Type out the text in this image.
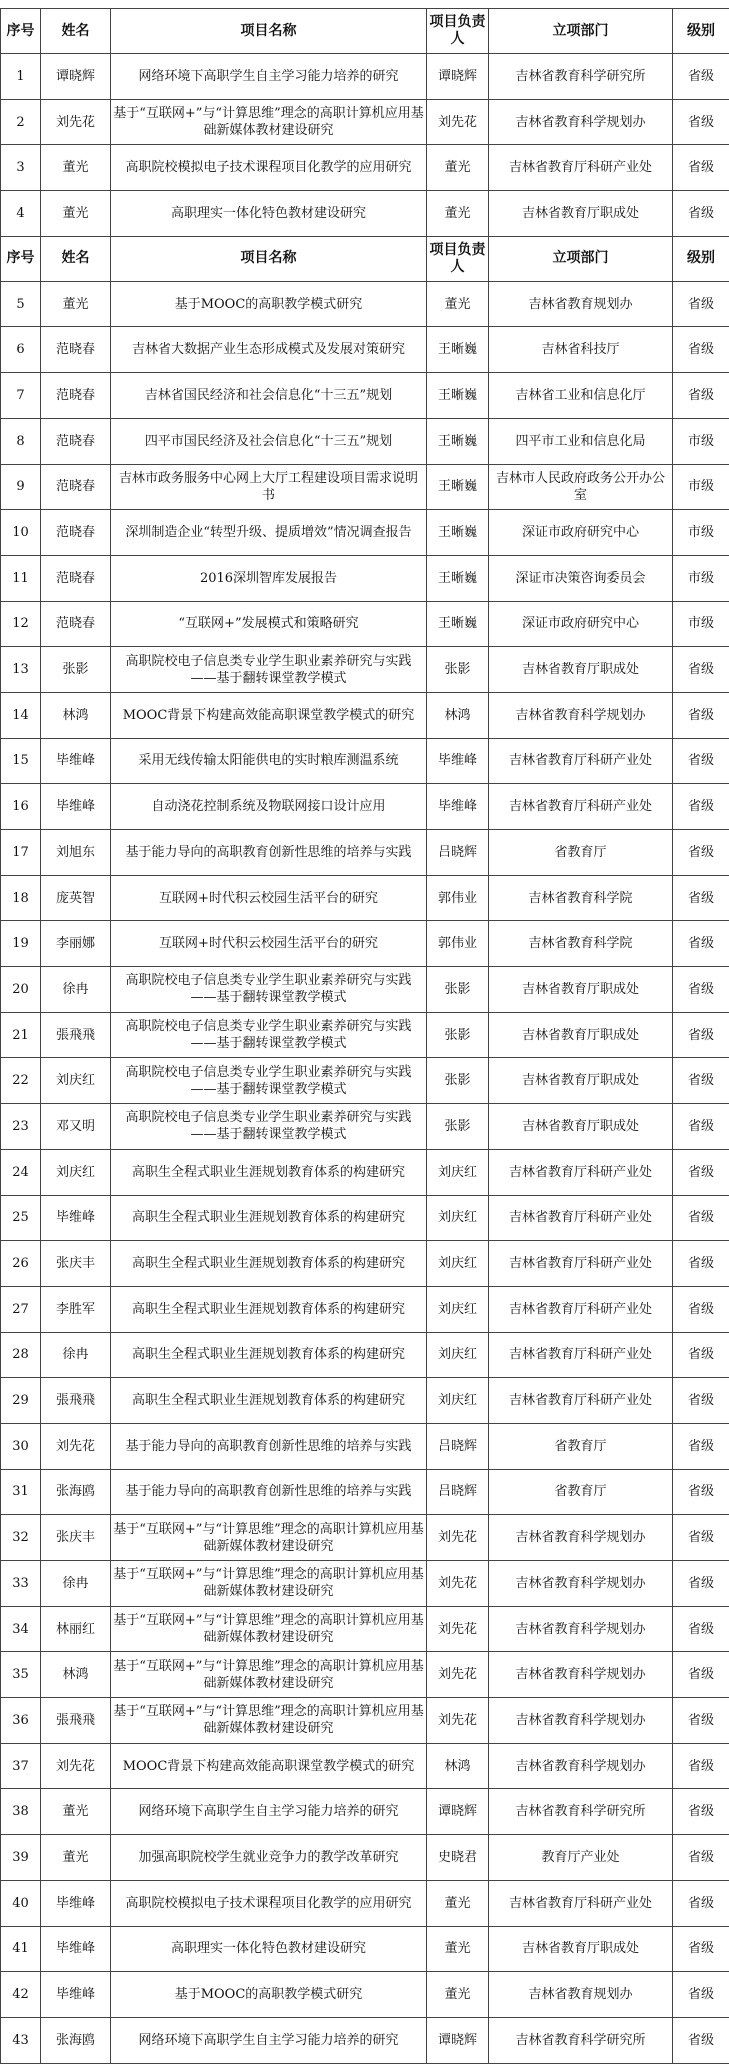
序号	姓名	项目名称	项目负责人	立项部门	级别
1	谭晓辉	网络环境下高职学生自主学习能力培养的研究	谭晓辉	吉林省教育科学研究所	省级
2	刘先花	基于“互联网+”与“计算思维”理念的高职计算机应用基础新媒体教材建设研究	刘先花	吉林省教育科学规划办	省级
3	董光	高职院校模拟电子技术课程项目化教学的应用研究	董光	吉林省教育厅科研产业处	省级
4	董光	高职理实一体化特色教材建设研究	董光	吉林省教育厅职成处	省级
序号	姓名	项目名称	项目负责人	立项部门	级别
5	董光	基于MOOC的高职教学模式研究	董光	吉林省教育规划办	省级
6	范晓春	吉林省大数据产业生态形成模式及发展对策研究	王晰巍	吉林省科技厅	省级
7	范晓春	吉林省国民经济和社会信息化“十三五”规划	王晰巍	吉林省工业和信息化厅	省级
8	范晓春	四平市国民经济及社会信息化“十三五”规划	王晰巍	四平市工业和信息化局	市级
9	范晓春	吉林市政务服务中心网上大厅工程建设项目需求说明书	王晰巍	吉林市人民政府政务公开办公室	市级
10	范晓春	深圳制造企业“转型升级、提质增效”情况调查报告	王晰巍	深证市政府研究中心	市级
11	范晓春	2016深圳智库发展报告	王晰巍	深证市决策咨询委员会	市级
12	范晓春	“互联网+”发展模式和策略研究	王晰巍	深证市政府研究中心	市级
13	张影	高职院校电子信息类专业学生职业素养研究与实践——基于翻转课堂教学模式	张影	吉林省教育厅职成处	省级
14	林鸿	MOOC背景下构建高效能高职课堂教学模式的研究	林鸿	吉林省教育科学规划办	省级
15	毕维峰	采用无线传输太阳能供电的实时粮库测温系统	毕维峰	吉林省教育厅科研产业处	省级
16	毕维峰	自动浇花控制系统及物联网接口设计应用	毕维峰	吉林省教育厅科研产业处	省级
17	刘旭东	基于能力导向的高职教育创新性思维的培养与实践	吕晓辉	省教育厅	省级
18	庞英智	互联网+时代积云校园生活平台的研究	郭伟业	吉林省教育科学院	省级
19	李丽娜	互联网+时代积云校园生活平台的研究	郭伟业	吉林省教育科学院	省级
20	徐冉	高职院校电子信息类专业学生职业素养研究与实践——基于翻转课堂教学模式	张影	吉林省教育厅职成处	省级
21	張飛飛	高职院校电子信息类专业学生职业素养研究与实践——基于翻转课堂教学模式	张影	吉林省教育厅职成处	省级
22	刘庆红	高职院校电子信息类专业学生职业素养研究与实践——基于翻转课堂教学模式	张影	吉林省教育厅职成处	省级
23	邓又明	高职院校电子信息类专业学生职业素养研究与实践——基于翻转课堂教学模式	张影	吉林省教育厅职成处	省级
24	刘庆红	高职生全程式职业生涯规划教育体系的构建研究	刘庆红	吉林省教育厅科研产业处	省级
25	毕维峰	高职生全程式职业生涯规划教育体系的构建研究	刘庆红	吉林省教育厅科研产业处	省级
26	张庆丰	高职生全程式职业生涯规划教育体系的构建研究	刘庆红	吉林省教育厅科研产业处	省级
27	李胜军	高职生全程式职业生涯规划教育体系的构建研究	刘庆红	吉林省教育厅科研产业处	省级
28	徐冉	高职生全程式职业生涯规划教育体系的构建研究	刘庆红	吉林省教育厅科研产业处	省级
29	張飛飛	高职生全程式职业生涯规划教育体系的构建研究	刘庆红	吉林省教育厅科研产业处	省级
30	刘先花	基于能力导向的高职教育创新性思维的培养与实践	吕晓辉	省教育厅	省级
31	张海鸥	基于能力导向的高职教育创新性思维的培养与实践	吕晓辉	省教育厅	省级
32	张庆丰	基于“互联网+”与“计算思维”理念的高职计算机应用基础新媒体教材建设研究	刘先花	吉林省教育科学规划办	省级
33	徐冉	基于“互联网+”与“计算思维”理念的高职计算机应用基础新媒体教材建设研究	刘先花	吉林省教育科学规划办	省级
34	林丽红	基于“互联网+”与“计算思维”理念的高职计算机应用基础新媒体教材建设研究	刘先花	吉林省教育科学规划办	省级
35	林鸿	基于“互联网+”与“计算思维”理念的高职计算机应用基础新媒体教材建设研究	刘先花	吉林省教育科学规划办	省级
36	張飛飛	基于“互联网+”与“计算思维”理念的高职计算机应用基础新媒体教材建设研究	刘先花	吉林省教育科学规划办	省级
37	刘先花	MOOC背景下构建高效能高职课堂教学模式的研究	林鸿	吉林省教育科学规划办	省级
38	董光	网络环境下高职学生自主学习能力培养的研究	谭晓辉	吉林省教育科学研究所	省级
39	董光	加强高职院校学生就业竞争力的教学改革研究	史晓君	教育厅产业处	省级
40	毕维峰	高职院校模拟电子技术课程项目化教学的应用研究	董光	吉林省教育厅科研产业处	省级
41	毕维峰	高职理实一体化特色教材建设研究	董光	吉林省教育厅职成处	省级
42	毕维峰	基于MOOC的高职教学模式研究	董光	吉林省教育规划办	省级
43	张海鸥	网络环境下高职学生自主学习能力培养的研究	谭晓辉	吉林省教育科学研究所	省级
